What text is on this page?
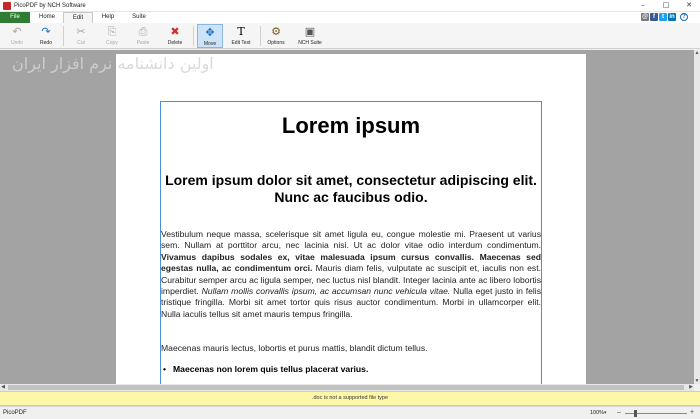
PicoPDF by NCH Software	–	□	✕
File	Home	Edit	Help	Suite	@ f	t in	?
↶
Undo
↷
Redo
✂
Cut
⎘
Copy
⎙
Paste
✖
Delete
✥
Move
T
Edit Text
⚙
Options
▣
NCH Suite
Lorem ipsum
Lorem ipsum dolor sit amet, consectetur adipiscing elit. Nunc ac faucibus odio.
Vestibulum neque massa, scelerisque sit amet ligula eu, congue molestie mi. Praesent ut varius sem. Nullam at porttitor arcu, nec lacinia nisi. Ut ac dolor vitae odio interdum condimentum. Vivamus dapibus sodales ex, vitae malesuada ipsum cursus convallis. Maecenas sed egestas nulla, ac condimentum orci. Mauris diam felis, vulputate ac suscipit et, iaculis non est. Curabitur semper arcu ac ligula semper, nec luctus nisl blandit. Integer lacinia ante ac libero lobortis imperdiet. Nullam mollis convallis ipsum, ac accumsan nunc vehicula vitae. Nulla eget justo in felis tristique fringilla. Morbi sit amet tortor quis risus auctor condimentum. Morbi in ullamcorper elit. Nulla iaculis tellus sit amet mauris tempus fringilla.
Maecenas mauris lectus, lobortis et purus mattis, blandit dictum tellus.
• Maecenas non lorem quis tellus placerat varius.
اولین دانشنامه نرم افزار ایران
▲
▼
◀	▶
.doc is not a supported file type
PicoPDF	100% ▾ –	+
